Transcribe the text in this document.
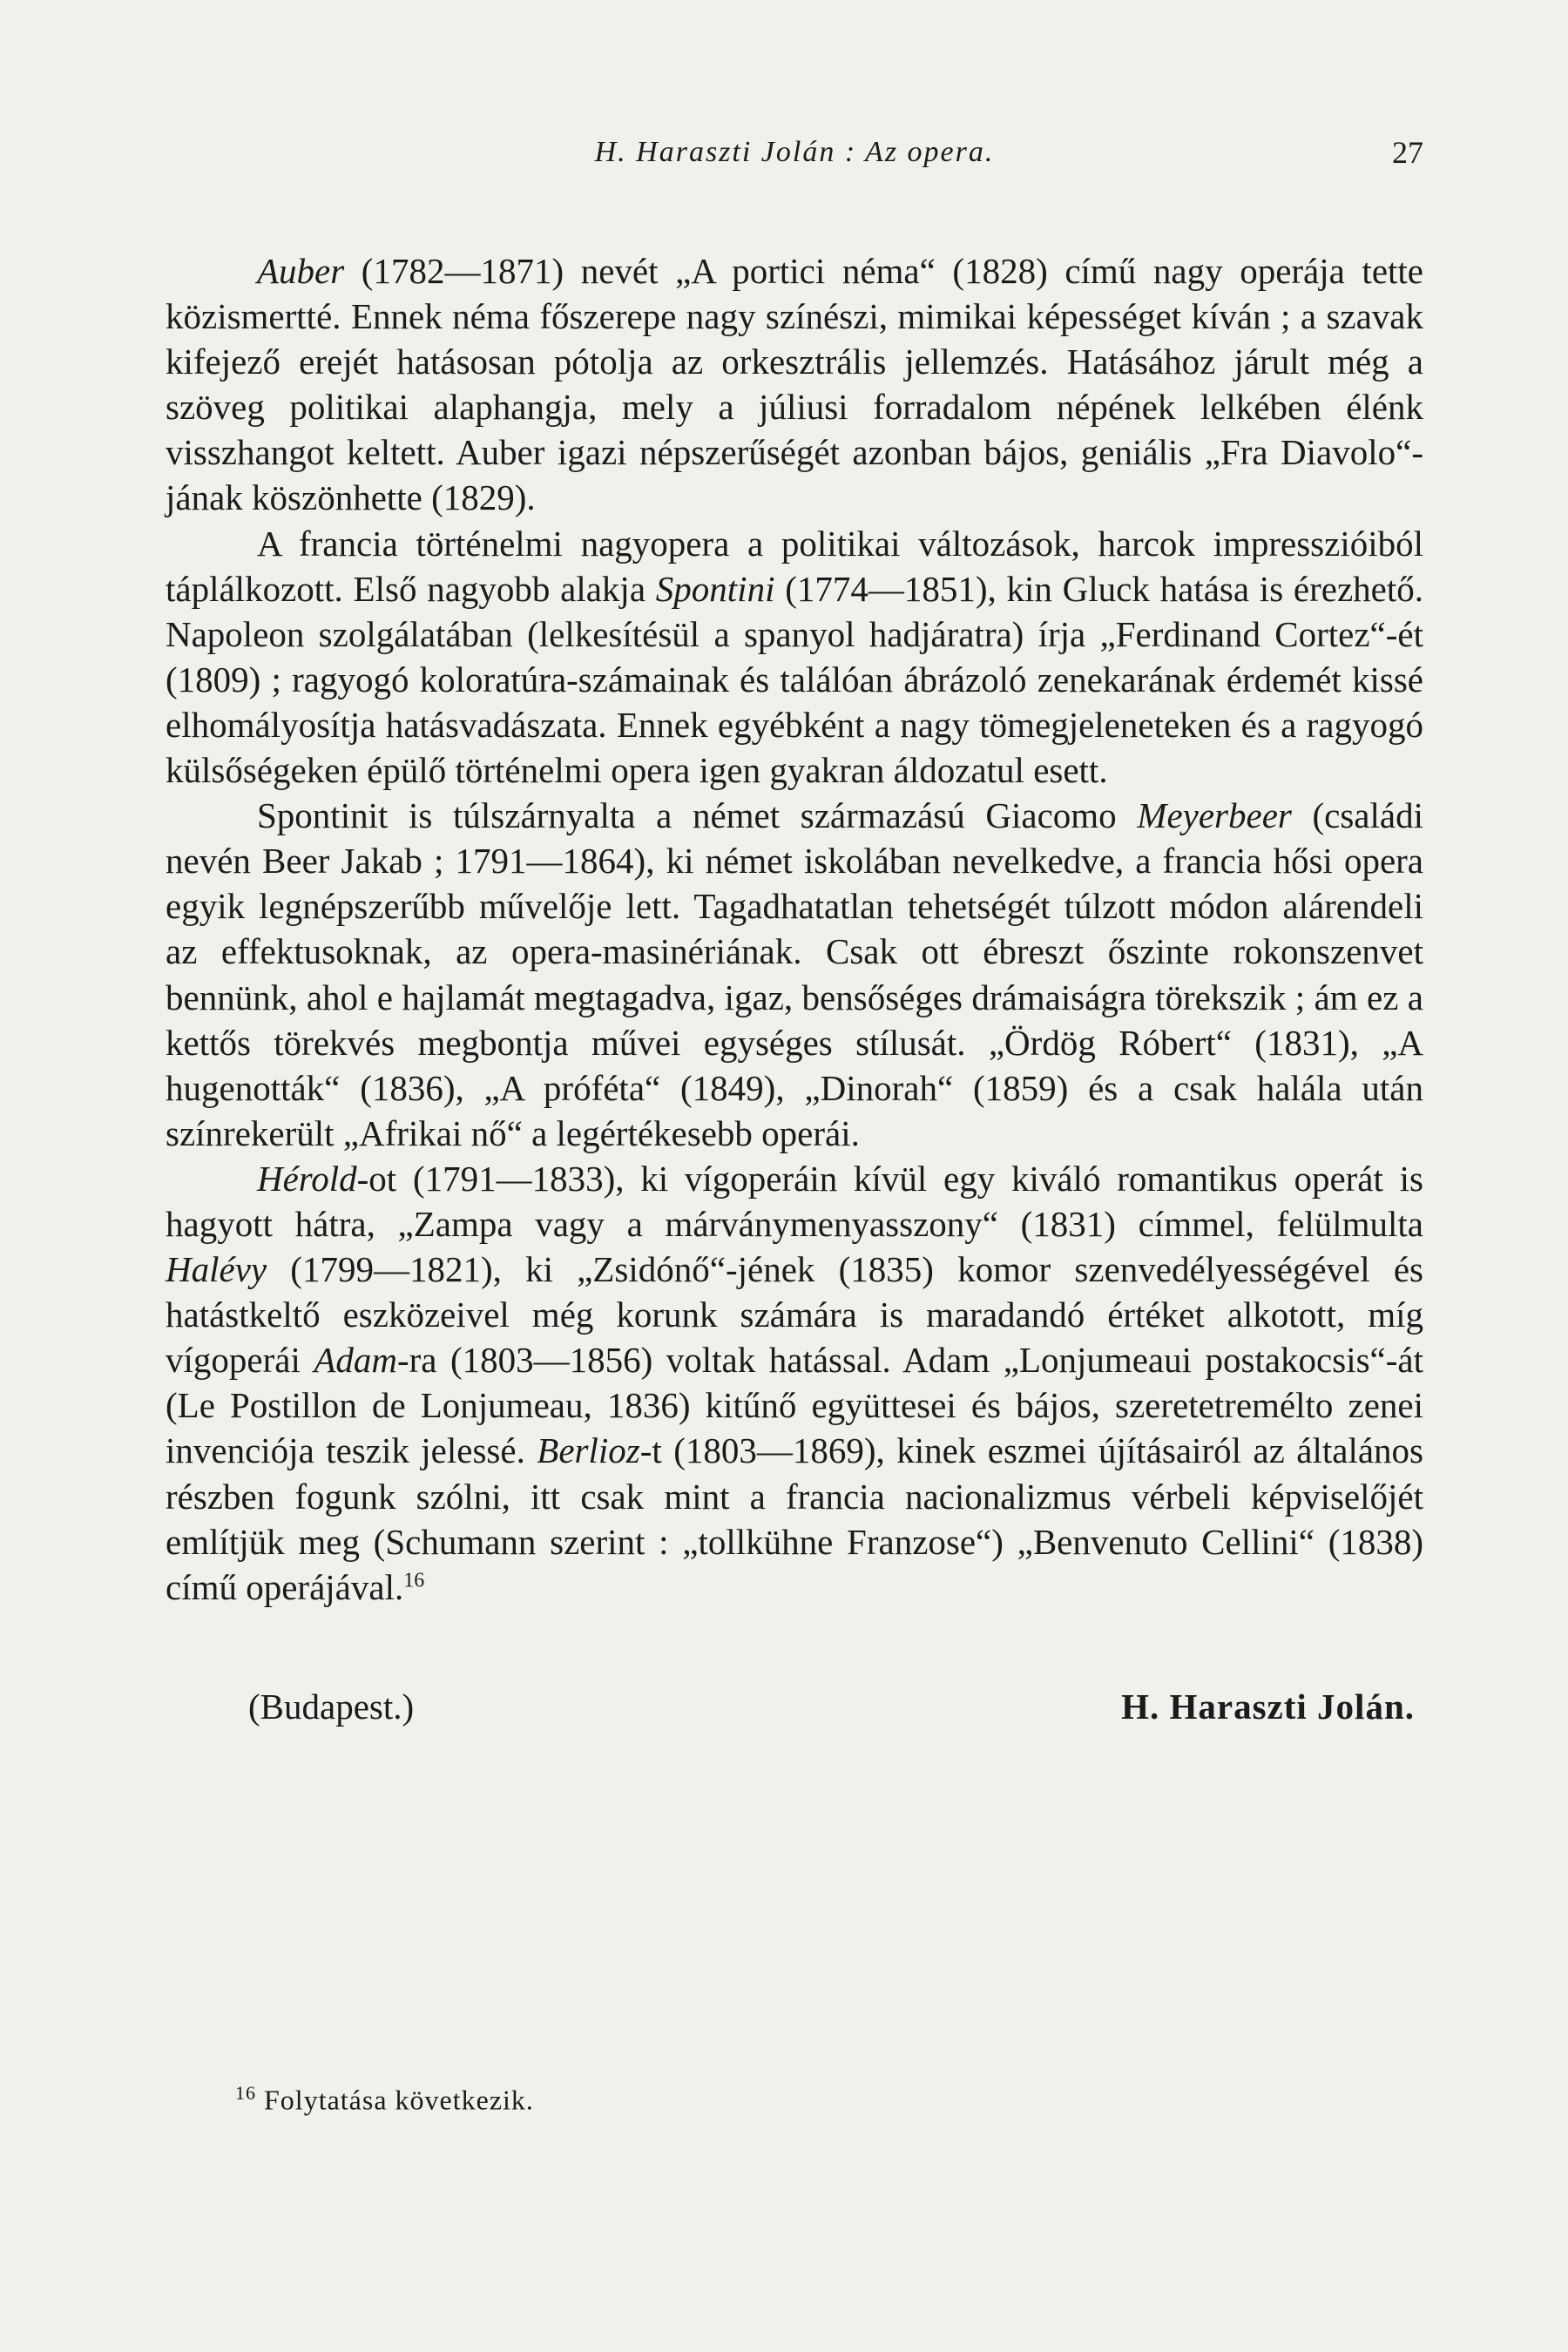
H. Haraszti Jolán : Az opera.	27

Auber (1782—1871) nevét „A portici néma“ (1828) című nagy operája tette közismertté. Ennek néma főszerepe nagy színészi, mimikai képességet kíván ; a szavak kifejező erejét hatásosan pótolja az orkesztrális jellemzés. Hatásához járult még a szöveg politikai alaphangja, mely a júliusi forradalom népének lelkében élénk visszhangot keltett. Auber igazi népszerűségét azonban bájos, geniális „Fra Diavolo“-jának köszönhette (1829).

A francia történelmi nagyopera a politikai változások, harcok impresszióiból táplálkozott. Első nagyobb alakja Spontini (1774—1851), kin Gluck hatása is érezhető. Napoleon szolgálatában (lelkesítésül a spanyol hadjáratra) írja „Ferdinand Cortez“-ét (1809) ; ragyogó koloratúra-számainak és találóan ábrázoló zenekarának érdemét kissé elhomályosítja hatásvadászata. Ennek egyébként a nagy tömegjeleneteken és a ragyogó külsőségeken épülő történelmi opera igen gyakran áldozatul esett.

Spontinit is túlszárnyalta a német származású Giacomo Meyerbeer (családi nevén Beer Jakab ; 1791—1864), ki német iskolában nevelkedve, a francia hősi opera egyik legnépszerűbb művelője lett. Tagadhatatlan tehetségét túlzott módon alárendeli az effektusoknak, az opera-masinériának. Csak ott ébreszt őszinte rokonszenvet bennünk, ahol e hajlamát megtagadva, igaz, bensőséges drámaiságra törekszik ; ám ez a kettős törekvés megbontja művei egységes stílusát. „Ördög Róbert“ (1831), „A hugenották“ (1836), „A próféta“ (1849), „Dinorah“ (1859) és a csak halála után színrekerült „Afrikai nő“ a legértékesebb operái.

Hérold-ot (1791—1833), ki vígoperáin kívül egy kiváló romantikus operát is hagyott hátra, „Zampa vagy a márványmenyasszony“ (1831) címmel, felülmulta Halévy (1799—1821), ki „Zsidónő“-jének (1835) komor szenvedélyességével és hatástkeltő eszközeivel még korunk számára is maradandó értéket alkotott, míg vígoperái Adam-ra (1803—1856) voltak hatással. Adam „Lonjumeaui postakocsis“-át (Le Postillon de Lonjumeau, 1836) kitűnő együttesei és bájos, szeretetremélto zenei invenciója teszik jelessé. Berlioz-t (1803—1869), kinek eszmei újításairól az általános részben fogunk szólni, itt csak mint a francia nacionalizmus vérbeli képviselőjét említjük meg (Schumann szerint : „tollkühne Franzose“) „Benvenuto Cellini“ (1838) című operájával.$^{16}$

(Budapest.)	H. Haraszti Jolán.
$^{16}$ Folytatása következik.
